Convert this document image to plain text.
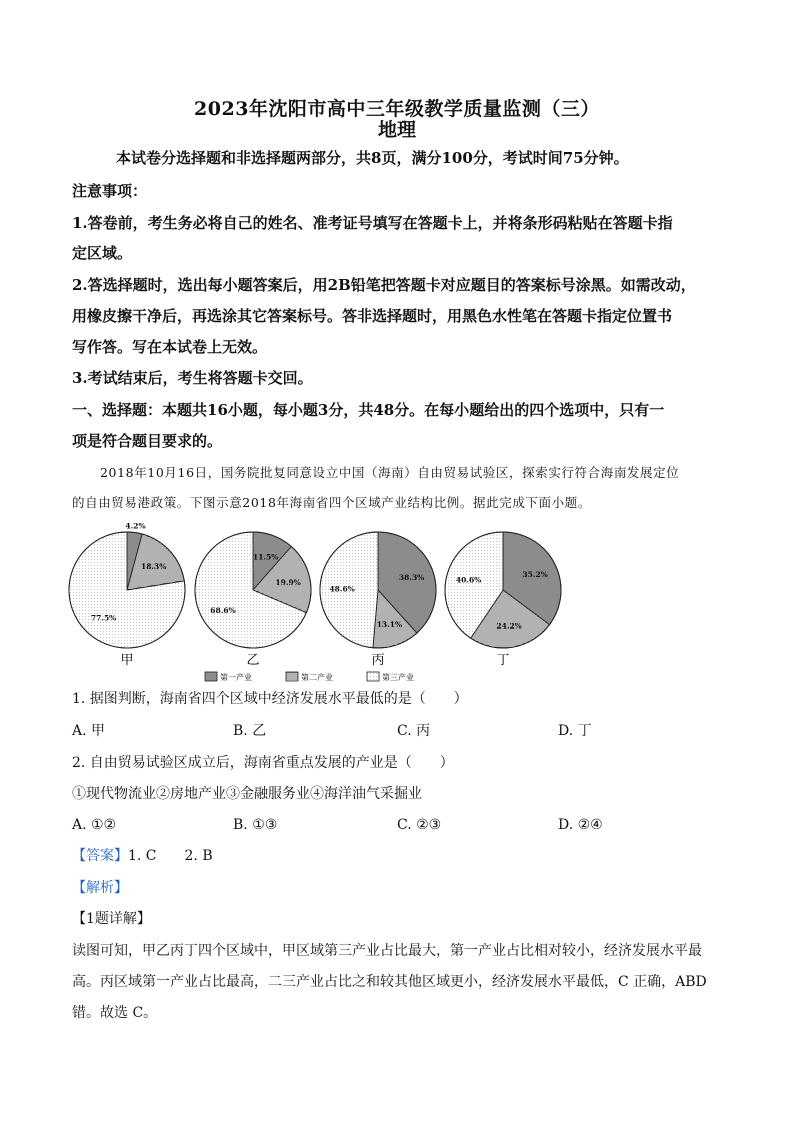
2023年沈阳市高中三年级教学质量监测（三）
地理
本试卷分选择题和非选择题两部分，共8页，满分100分，考试时间75分钟。
注意事项：
1.答卷前，考生务必将自己的姓名、准考证号填写在答题卡上，并将条形码粘贴在答题卡指
定区域。
2.答选择题时，选出每小题答案后，用2B铅笔把答题卡对应题目的答案标号涂黑。如需改动，
用橡皮擦干净后，再选涂其它答案标号。答非选择题时，用黑色水性笔在答题卡指定位置书
写作答。写在本试卷上无效。
3.考试结束后，考生将答题卡交回。
一、选择题：本题共16小题，每小题3分，共48分。在每小题给出的四个选项中，只有一
项是符合题目要求的。
2018年10月16日，国务院批复同意设立中国（海南）自由贸易试验区，探索实行符合海南发展定位
的自由贸易港政策。下图示意2018年海南省四个区域产业结构比例。据此完成下面小题。
4.2%
18.3%
77.5%
甲
11.5%
19.9%
68.6%
乙
38.3%
13.1%
48.6%
丙
35.2%
24.2%
40.6%
丁
第一产业	第二产业	第三产业
1. 据图判断，海南省四个区域中经济发展水平最低的是（　　）
A. 甲	B. 乙	C. 丙	D. 丁
2. 自由贸易试验区成立后，海南省重点发展的产业是（　　）
①现代物流业②房地产业③金融服务业④海洋油气采掘业
A. ①②	B. ①③	C. ②③	D. ②④
【答案】1. C　　2. B
【解析】
【1题详解】
读图可知，甲乙丙丁四个区域中，甲区域第三产业占比最大，第一产业占比相对较小，经济发展水平最
高。丙区域第一产业占比最高，二三产业占比之和较其他区域更小，经济发展水平最低，C 正确，ABD
错。故选 C。
